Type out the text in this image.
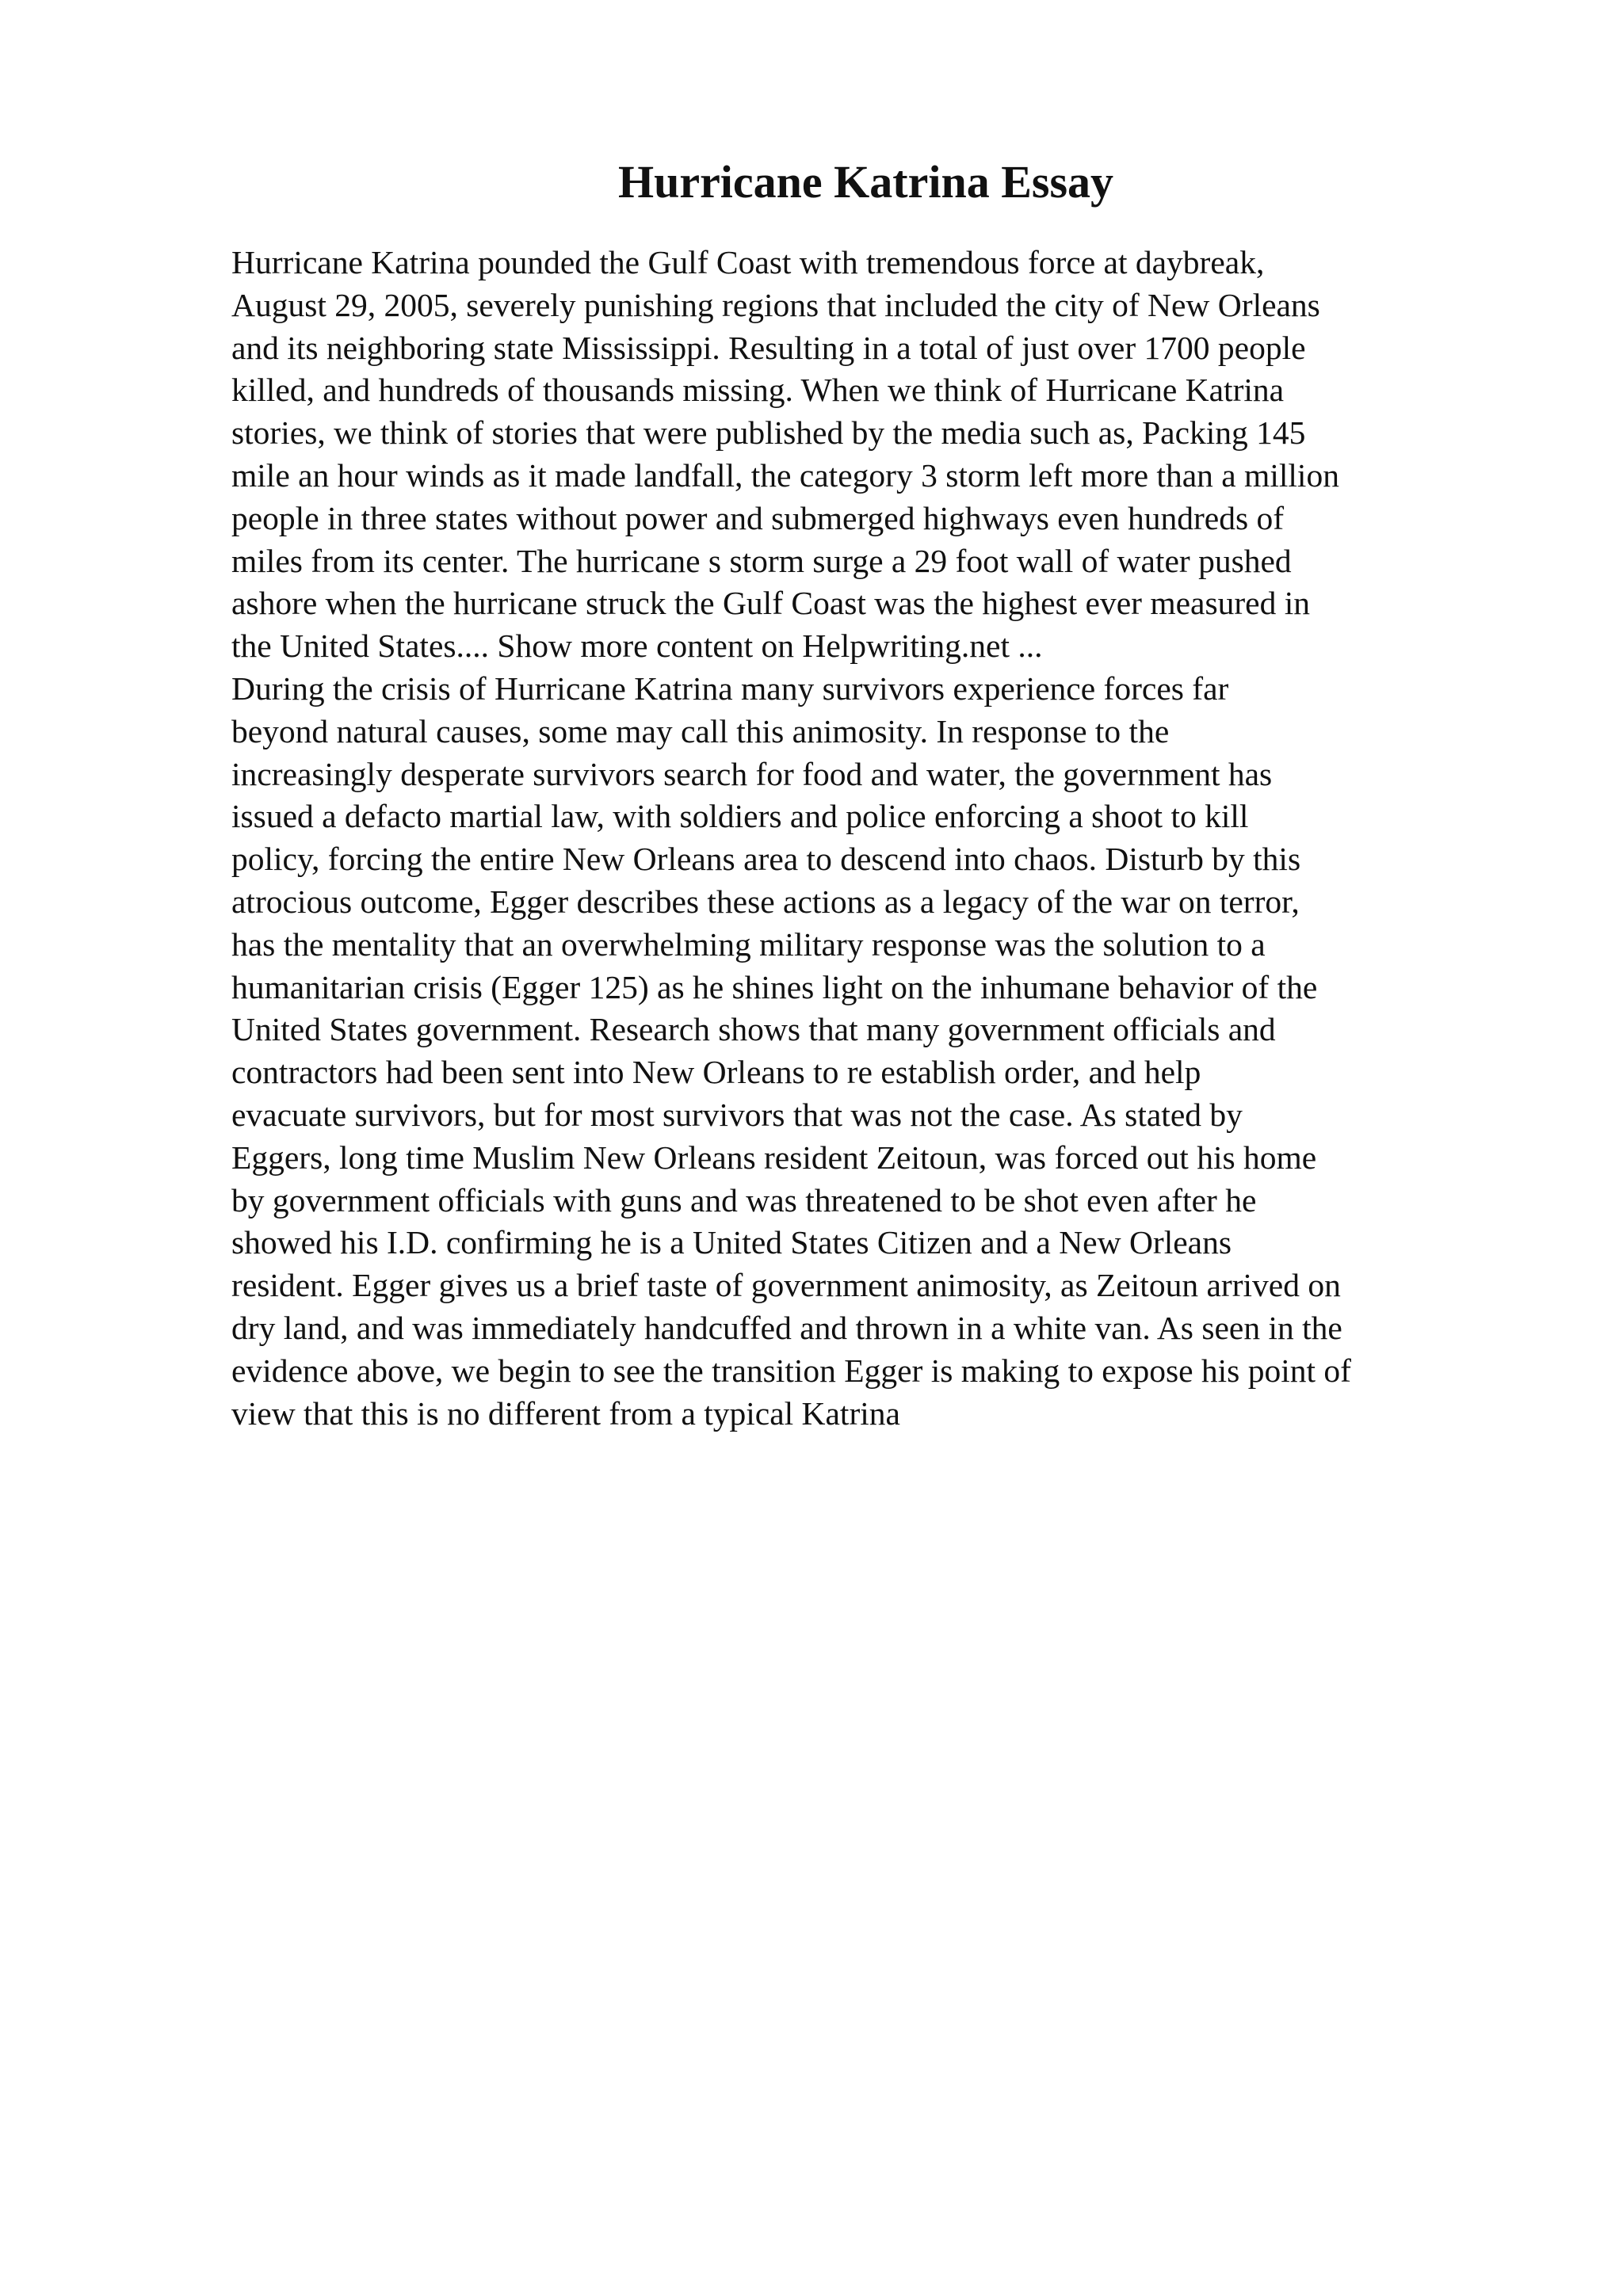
Hurricane Katrina Essay

Hurricane Katrina pounded the Gulf Coast with tremendous force at daybreak,

August 29, 2005, severely punishing regions that included the city of New Orleans

and its neighboring state Mississippi. Resulting in a total of just over 1700 people

killed, and hundreds of thousands missing. When we think of Hurricane Katrina

stories, we think of stories that were published by the media such as, Packing 145

mile an hour winds as it made landfall, the category 3 storm left more than a million

people in three states without power and submerged highways even hundreds of

miles from its center. The hurricane s storm surge a 29 foot wall of water pushed

ashore when the hurricane struck the Gulf Coast was the highest ever measured in

the United States.... Show more content on Helpwriting.net ...

During the crisis of Hurricane Katrina many survivors experience forces far

beyond natural causes, some may call this animosity. In response to the

increasingly desperate survivors search for food and water, the government has

issued a defacto martial law, with soldiers and police enforcing a shoot to kill

policy, forcing the entire New Orleans area to descend into chaos. Disturb by this

atrocious outcome, Egger describes these actions as a legacy of the war on terror,

has the mentality that an overwhelming military response was the solution to a

humanitarian crisis (Egger 125) as he shines light on the inhumane behavior of the

United States government. Research shows that many government officials and

contractors had been sent into New Orleans to re establish order, and help

evacuate survivors, but for most survivors that was not the case. As stated by

Eggers, long time Muslim New Orleans resident Zeitoun, was forced out his home

by government officials with guns and was threatened to be shot even after he

showed his I.D. confirming he is a United States Citizen and a New Orleans

resident. Egger gives us a brief taste of government animosity, as Zeitoun arrived on

dry land, and was immediately handcuffed and thrown in a white van. As seen in the

evidence above, we begin to see the transition Egger is making to expose his point of

view that this is no different from a typical Katrina
